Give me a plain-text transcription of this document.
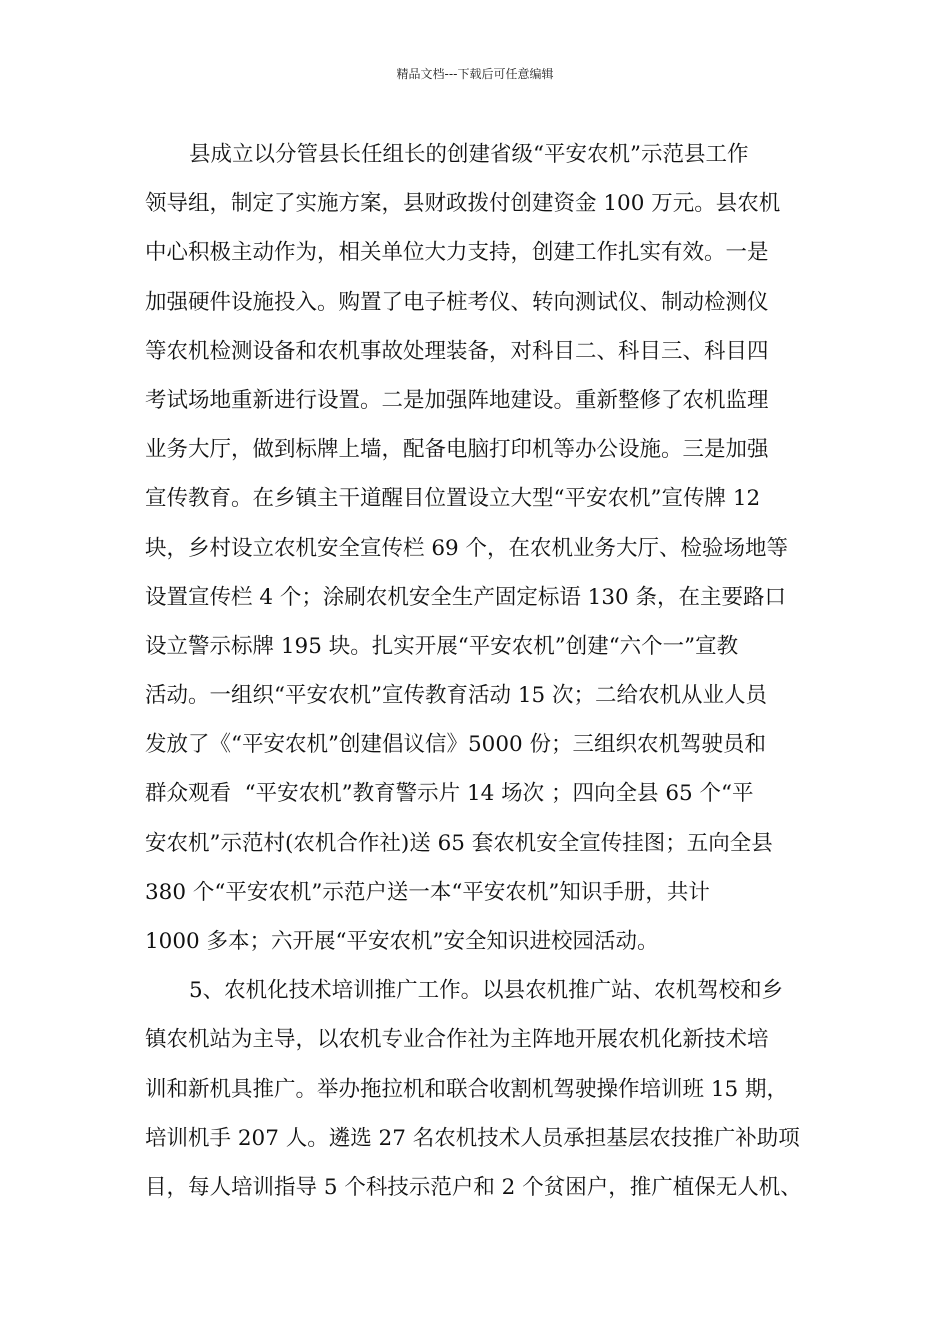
精品文档---下载后可任意编辑
县成立以分管县长任组长的创建省级“平安农机”示范县工作
领导组，制定了实施方案，县财政拨付创建资金 100 万元。县农机
中心积极主动作为，相关单位大力支持，创建工作扎实有效。一是
加强硬件设施投入。购置了电子桩考仪、转向测试仪、制动检测仪
等农机检测设备和农机事故处理装备，对科目二、科目三、科目四
考试场地重新进行设置。二是加强阵地建设。重新整修了农机监理
业务大厅，做到标牌上墙，配备电脑打印机等办公设施。三是加强
宣传教育。在乡镇主干道醒目位置设立大型“平安农机”宣传牌 12
块，乡村设立农机安全宣传栏 69 个，在农机业务大厅、检验场地等
设置宣传栏 4 个；涂刷农机安全生产固定标语 130 条，在主要路口
设立警示标牌 195 块。扎实开展“平安农机”创建“六个一”宣教
活动。一组织“平安农机”宣传教育活动 15 次；二给农机从业人员
发放了《“平安农机”创建倡议信》5000 份；三组织农机驾驶员和
群众观看  “平安农机”教育警示片 14 场次 ；四向全县 65 个“平
安农机”示范村(农机合作社)送 65 套农机安全宣传挂图；五向全县
380 个“平安农机”示范户送一本“平安农机”知识手册，共计
1000 多本；六开展“平安农机”安全知识进校园活动。
5、农机化技术培训推广工作。以县农机推广站、农机驾校和乡
镇农机站为主导，以农机专业合作社为主阵地开展农机化新技术培
训和新机具推广。举办拖拉机和联合收割机驾驶操作培训班 15 期，
培训机手 207 人。遴选 27 名农机技术人员承担基层农技推广补助项
目，每人培训指导 5 个科技示范户和 2 个贫困户，推广植保无人机、
